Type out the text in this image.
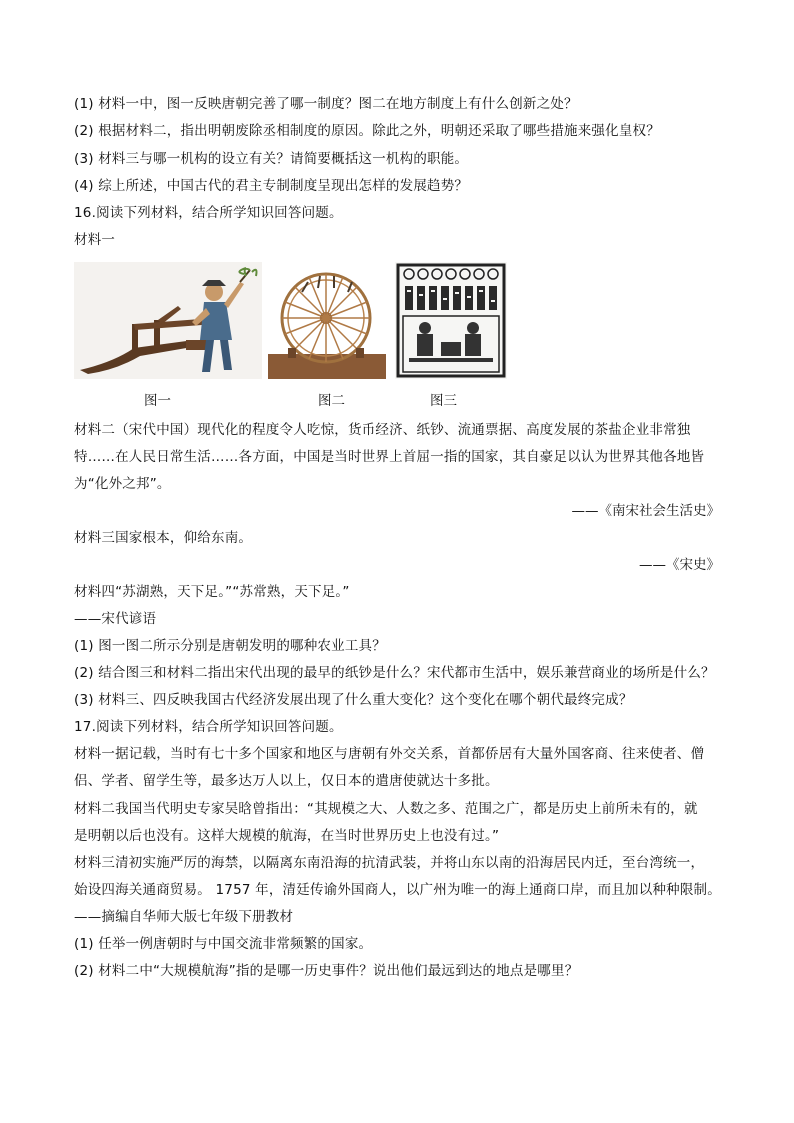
(1) 材料一中，图一反映唐朝完善了哪一制度？图二在地方制度上有什么创新之处？
(2) 根据材料二，指出明朝废除丞相制度的原因。除此之外，明朝还采取了哪些措施来强化皇权？
(3) 材料三与哪一机构的设立有关？请简要概括这一机构的职能。
(4) 综上所述，中国古代的君主专制制度呈现出怎样的发展趋势？
16.阅读下列材料，结合所学知识回答问题。
材料一
图一	图二	图三
材料二（宋代中国）现代化的程度令人吃惊，货币经济、纸钞、流通票据、高度发展的茶盐企业非常独
特……在人民日常生活……各方面，中国是当时世界上首屈一指的国家，其自豪足以认为世界其他各地皆
为“化外之邦”。
——《南宋社会生活史》
材料三国家根本，仰给东南。
——《宋史》
材料四“苏湖熟，天下足。”“苏常熟，天下足。”
——宋代谚语
(1) 图一图二所示分别是唐朝发明的哪种农业工具？
(2) 结合图三和材料二指出宋代出现的最早的纸钞是什么？宋代都市生活中，娱乐兼营商业的场所是什么？
(3) 材料三、四反映我国古代经济发展出现了什么重大变化？这个变化在哪个朝代最终完成？
17.阅读下列材料，结合所学知识回答问题。
材料一据记载，当时有七十多个国家和地区与唐朝有外交关系，首都侨居有大量外国客商、往来使者、僧
侣、学者、留学生等，最多达万人以上，仅日本的遣唐使就达十多批。
材料二我国当代明史专家吴晗曾指出：“其规模之大、人数之多、范围之广，都是历史上前所未有的，就
是明朝以后也没有。这样大规模的航海，在当时世界历史上也没有过。”
材料三清初实施严厉的海禁，以隔离东南沿海的抗清武装，并将山东以南的沿海居民内迁，至台湾统一，
始设四海关通商贸易。 1757 年，清廷传谕外国商人，以广州为唯一的海上通商口岸，而且加以种种限制。
——摘编自华师大版七年级下册教材
(1) 任举一例唐朝时与中国交流非常频繁的国家。
(2) 材料二中“大规模航海”指的是哪一历史事件？说出他们最远到达的地点是哪里？
